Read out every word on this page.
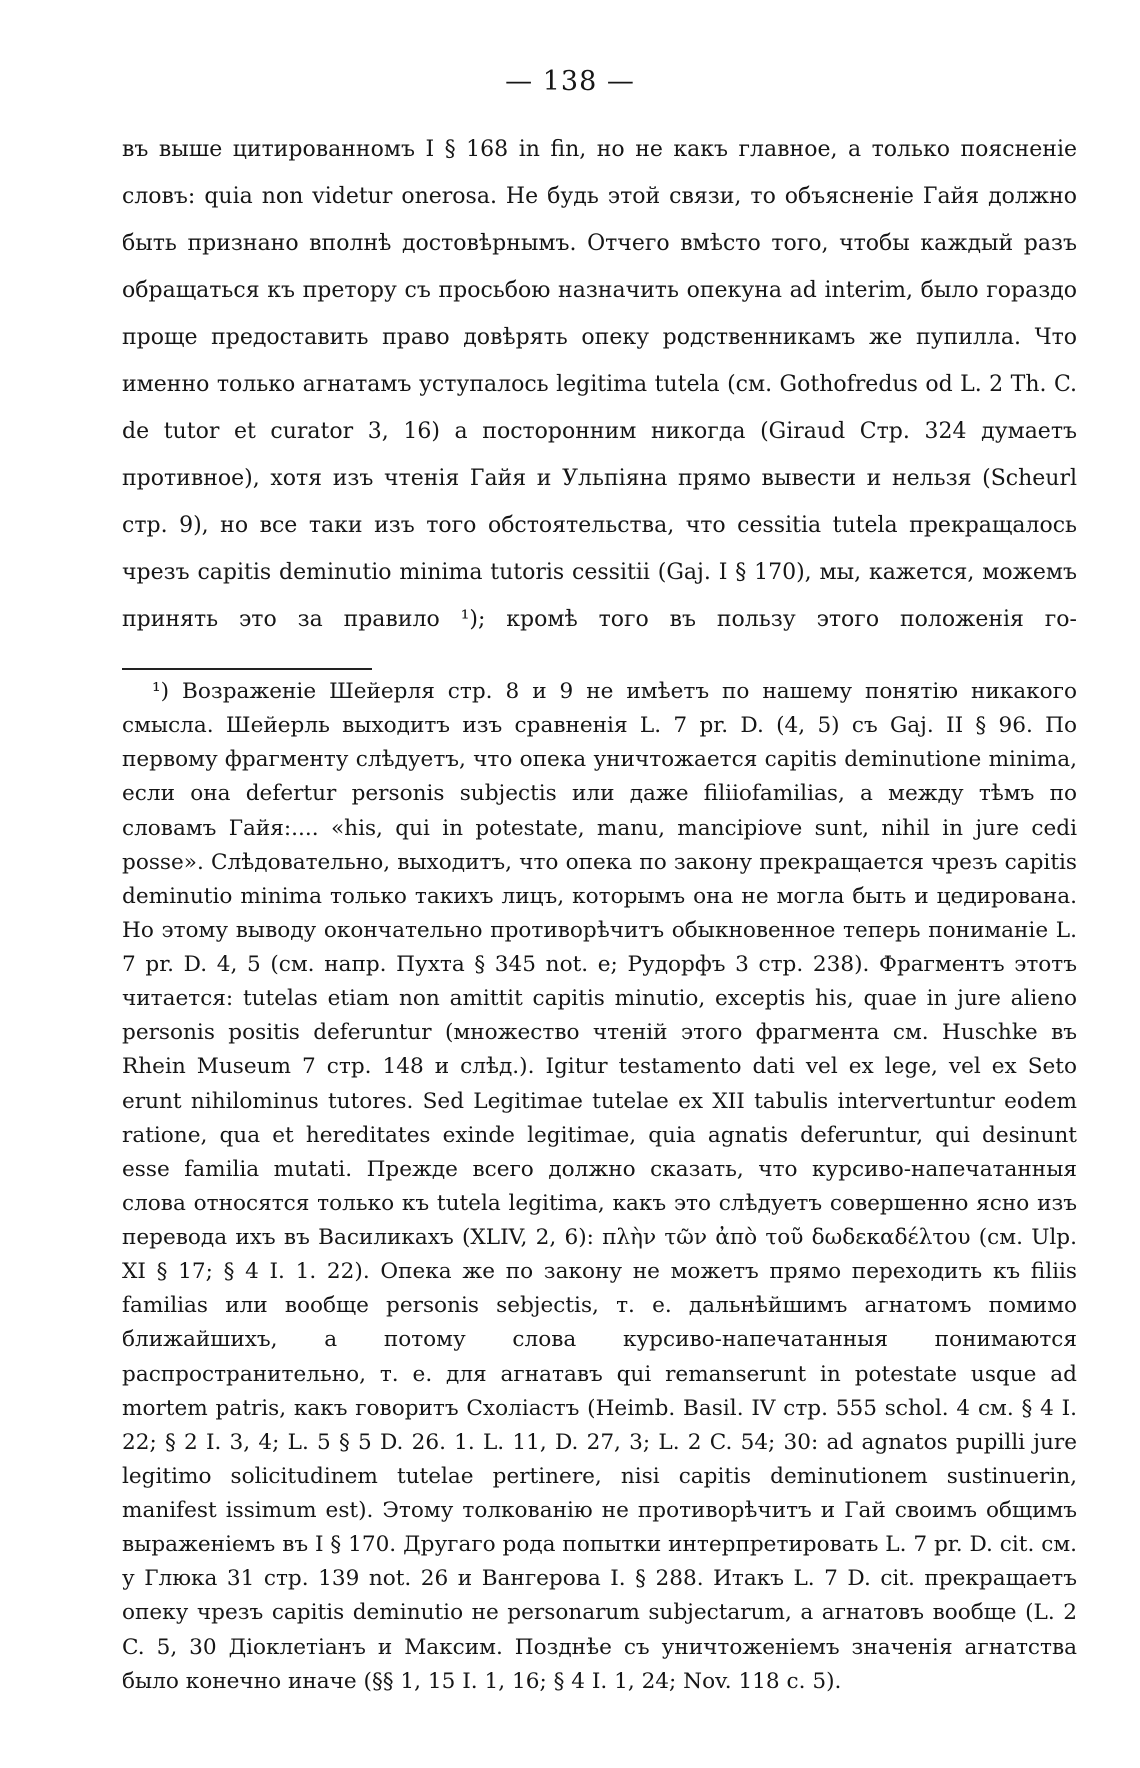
— 138 —

въ выше цитированномъ I § 168 in fin, но не какъ главное, а только поясненіе словъ: quia non videtur onerosa. Не будь этой связи, то объясненіе Гайя должно быть признано вполнѣ достовѣрнымъ. Отчего вмѣсто того, чтобы каждый разъ обращаться къ претору съ просьбою назначить опекуна ad interim, было гораздо проще предоставить право довѣрять опеку родственникамъ же пупилла. Что именно только агнатамъ уступалось legitima tutela (см. Gothofredus od L. 2 Th. C. de tutor et curator 3, 16) а посторонним никогда (Giraud Стр. 324 думаетъ противное), хотя изъ чтенія Гайя и Ульпіяна прямо вывести и нельзя (Scheurl стр. 9), но все таки изъ того обстоятельства, что cessitia tutela прекращалось чрезъ capitis deminutio minima tutoris cessitii (Gaj. I § 170), мы, кажется, можемъ принять это за правило ¹); кромѣ того въ пользу этого положенія го-

¹) Возраженіе Шейерля стр. 8 и 9 не имѣетъ по нашему понятію никакого смысла. Шейерль выходитъ изъ сравненія L. 7 pr. D. (4, 5) съ Gaj. II § 96. По первому фрагменту слѣдуетъ, что опека уничтожается capitis deminutione minima, если она defertur personis subjectis или даже filiiofamilias, а между тѣмъ по словамъ Гайя:.... «his, qui in potestate, manu, mancipiove sunt, nihil in jure cedi posse». Слѣдовательно, выходитъ, что опека по закону прекращается чрезъ capitis deminutio minima только такихъ лицъ, которымъ она не могла быть и цедирована. Но этому выводу окончательно противорѣчитъ обыкновенное теперь пониманіе L. 7 pr. D. 4, 5 (см. напр. Пухта § 345 not. e; Рудорфъ 3 стр. 238). Фрагментъ этотъ читается: tutelas etiam non amittit capitis minutio, exceptis his, quae in jure alieno personis positis deferuntur (множество чтеній этого фрагмента см. Huschke въ Rhein Museum 7 стр. 148 и слѣд.). Igitur testamento dati vel ex lege, vel ex Seto erunt nihilominus tutores. Sed Legitimae tutelae ex XII tabulis intervertuntur eodem ratione, qua et hereditates exinde legitimae, quia agnatis deferuntur, qui desinunt esse familia mutati. Прежде всего должно сказать, что курсиво-напечатанныя слова относятся только къ tutela legitima, какъ это слѣдуетъ совершенно ясно изъ перевода ихъ въ Василикахъ (XLIV, 2, 6): πλὴν τῶν ἀπὸ τοῦ δωδεκαδέλτου (см. Ulp. XI § 17; § 4 I. 1. 22). Опека же по закону не можетъ прямо переходить къ filiis familias или вообще personis sebjectis, т. е. дальнѣйшимъ агнатомъ помимо ближайшихъ, а потому слова курсиво-напечатанныя понимаются распространительно, т. е. для агнатавъ qui remanserunt in potestate usque ad mortem patris, какъ говоритъ Схоліастъ (Heimb. Basil. IV стр. 555 schol. 4 см. § 4 I. 22; § 2 I. 3, 4; L. 5 § 5 D. 26. 1. L. 11, D. 27, 3; L. 2 C. 54; 30: ad agnatos pupilli jure legitimo solicitudinem tutelae pertinere, nisi capitis deminutionem sustinuerin, manifest issimum est). Этому толкованію не противорѣчитъ и Гай своимъ общимъ выраженіемъ въ I § 170. Другаго рода попытки интерпретировать L. 7 pr. D. cit. см. у Глюка 31 стр. 139 not. 26 и Вангерова I. § 288. Итакъ L. 7 D. cit. прекращаетъ опеку чрезъ capitis deminutio не personarum subjectarum, а агнатовъ вообще (L. 2 C. 5, 30 Діоклетіанъ и Максим. Позднѣе съ уничтоженіемъ значенія агнатства было конечно иначе (§§ 1, 15 I. 1, 16; § 4 I. 1, 24; Nov. 118 c. 5).
